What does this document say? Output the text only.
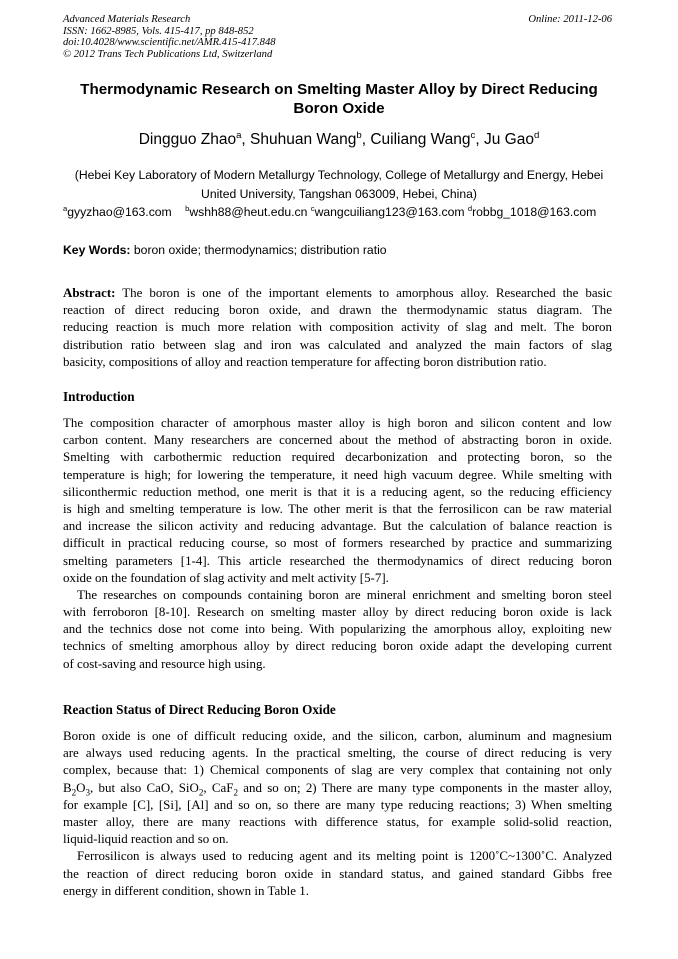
Advanced Materials Research
ISSN: 1662-8985, Vols. 415-417, pp 848-852
doi:10.4028/www.scientific.net/AMR.415-417.848
© 2012 Trans Tech Publications Ltd, Switzerland
Online: 2011-12-06
Thermodynamic Research on Smelting Master Alloy by Direct Reducing
Boron Oxide
Dingguo Zhao$^a$, Shuhuan Wang$^b$, Cuiliang Wang$^c$, Ju Gao$^d$
(Hebei Key Laboratory of Modern Metallurgy Technology, College of Metallurgy and Energy, Hebei
United University, Tangshan 063009, Hebei, China)
$^a$gyyzhao@163.com $^b$wshh88@heut.edu.cn $^c$wangcuiliang123@163.com $^d$robbg_1018@163.com
Key Words: boron oxide; thermodynamics; distribution ratio
Abstract: The boron is one of the important elements to amorphous alloy. Researched the basic
reaction of direct reducing boron oxide, and drawn the thermodynamic status diagram. The
reducing reaction is much more relation with composition activity of slag and melt. The boron
distribution ratio between slag and iron was calculated and analyzed the main factors of slag
basicity, compositions of alloy and reaction temperature for affecting boron distribution ratio.
Introduction
The composition character of amorphous master alloy is high boron and silicon content and low
carbon content. Many researchers are concerned about the method of abstracting boron in oxide.
Smelting with carbothermic reduction required decarbonization and protecting boron, so the
temperature is high; for lowering the temperature, it need high vacuum degree. While smelting with
siliconthermic reduction method, one merit is that it is a reducing agent, so the reducing efficiency
is high and smelting temperature is low. The other merit is that the ferrosilicon can be raw material
and increase the silicon activity and reducing advantage. But the calculation of balance reaction is
difficult in practical reducing course, so most of formers researched by practice and summarizing
smelting parameters [1-4]. This article researched the thermodynamics of direct reducing boron
oxide on the foundation of slag activity and melt activity [5-7].
The researches on compounds containing boron are mineral enrichment and smelting boron steel
with ferroboron [8-10]. Research on smelting master alloy by direct reducing boron oxide is lack
and the technics dose not come into being. With popularizing the amorphous alloy, exploiting new
technics of smelting amorphous alloy by direct reducing boron oxide adapt the developing current
of cost-saving and resource high using.
Reaction Status of Direct Reducing Boron Oxide
Boron oxide is one of difficult reducing oxide, and the silicon, carbon, aluminum and magnesium
are always used reducing agents. In the practical smelting, the course of direct reducing is very
complex, because that: 1) Chemical components of slag are very complex that containing not only
$B_2O_3$, but also CaO, SiO$_2$, CaF$_2$ and so on; 2) There are many type components in the master alloy,
for example [C], [Si], [Al] and so on, so there are many type reducing reactions; 3) When smelting
master alloy, there are many reactions with difference status, for example solid-solid reaction,
liquid-liquid reaction and so on.
Ferrosilicon is always used to reducing agent and its melting point is 1200˚C~1300˚C. Analyzed
the reaction of direct reducing boron oxide in standard status, and gained standard Gibbs free
energy in different condition, shown in Table 1.
